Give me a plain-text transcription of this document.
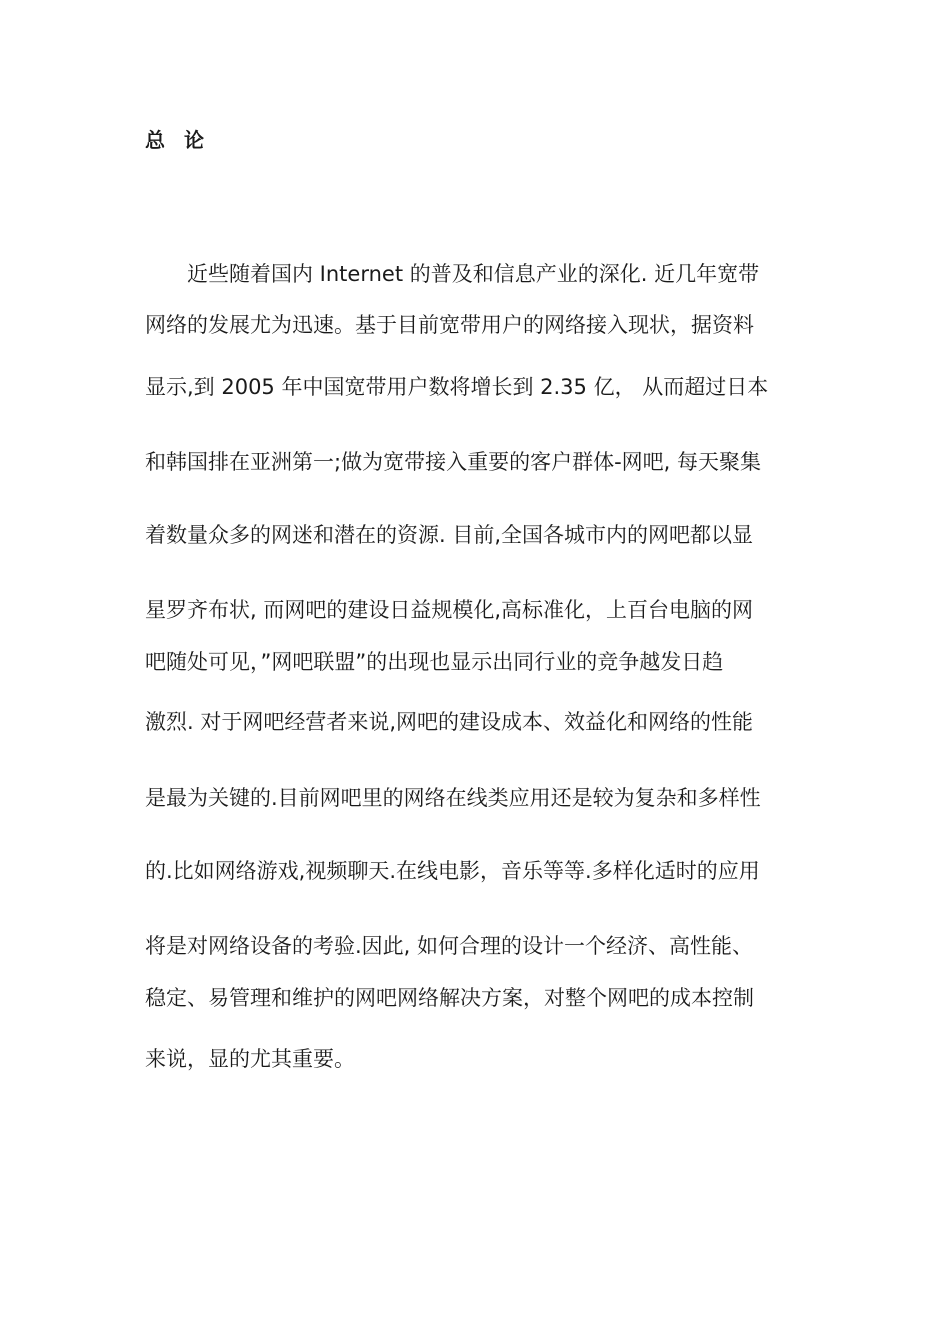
总 论
近些随着国内 Internet 的普及和信息产业的深化. 近几年宽带
网络的发展尤为迅速。基于目前宽带用户的网络接入现状，据资料
显示,到 2005 年中国宽带用户数将增长到 2.35 亿， 从而超过日本
和韩国排在亚洲第一;做为宽带接入重要的客户群体-网吧, 每天聚集
着数量众多的网迷和潜在的资源. 目前,全国各城市内的网吧都以显
星罗齐布状, 而网吧的建设日益规模化,高标准化，上百台电脑的网
吧随处可见，”网吧联盟”的出现也显示出同行业的竞争越发日趋
激烈. 对于网吧经营者来说,网吧的建设成本、效益化和网络的性能
是最为关键的.目前网吧里的网络在线类应用还是较为复杂和多样性
的.比如网络游戏,视频聊天.在线电影，音乐等等.多样化适时的应用
将是对网络设备的考验.因此, 如何合理的设计一个经济、高性能、
稳定、易管理和维护的网吧网络解决方案，对整个网吧的成本控制
来说，显的尤其重要。
